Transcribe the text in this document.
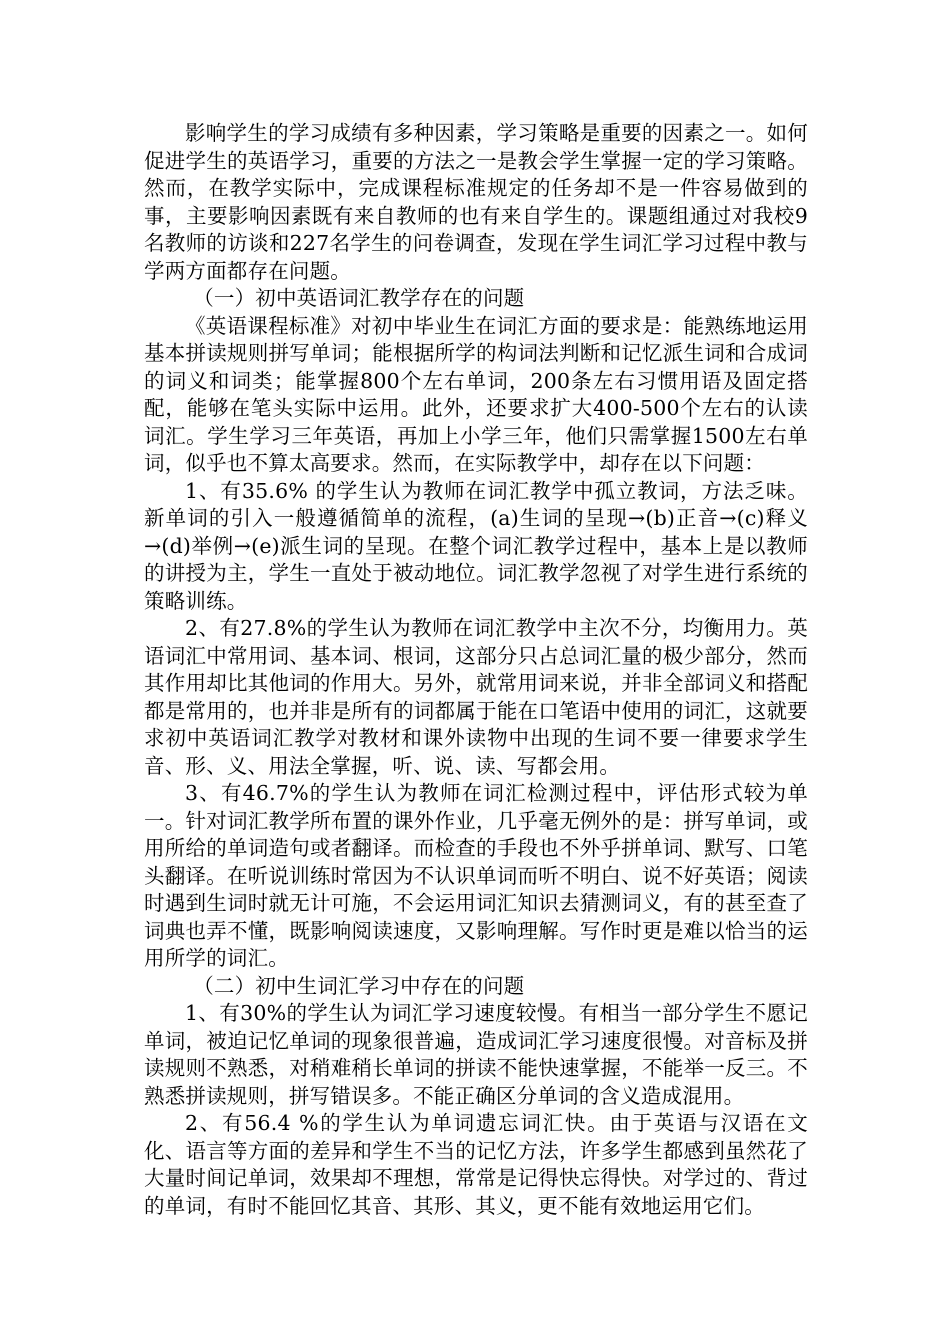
影响学生的学习成绩有多种因素，学习策略是重要的因素之一。如何促进学生的英语学习，重要的方法之一是教会学生掌握一定的学习策略。然而，在教学实际中，完成课程标准规定的任务却不是一件容易做到的事，主要影响因素既有来自教师的也有来自学生的。课题组通过对我校9名教师的访谈和227名学生的问卷调查，发现在学生词汇学习过程中教与学两方面都存在问题。

（一）初中英语词汇教学存在的问题

《英语课程标准》对初中毕业生在词汇方面的要求是：能熟练地运用基本拼读规则拼写单词；能根据所学的构词法判断和记忆派生词和合成词的词义和词类；能掌握800个左右单词，200条左右习惯用语及固定搭配，能够在笔头实际中运用。此外，还要求扩大400-500个左右的认读词汇。学生学习三年英语，再加上小学三年，他们只需掌握1500左右单词，似乎也不算太高要求。然而，在实际教学中，却存在以下问题：

1、有35.6% 的学生认为教师在词汇教学中孤立教词，方法乏味。新单词的引入一般遵循简单的流程，(a)生词的呈现→(b)正音→(c)释义→(d)举例→(e)派生词的呈现。在整个词汇教学过程中，基本上是以教师的讲授为主，学生一直处于被动地位。词汇教学忽视了对学生进行系统的策略训练。

2、有27.8%的学生认为教师在词汇教学中主次不分，均衡用力。英语词汇中常用词、基本词、根词，这部分只占总词汇量的极少部分，然而其作用却比其他词的作用大。另外，就常用词来说，并非全部词义和搭配都是常用的，也并非是所有的词都属于能在口笔语中使用的词汇，这就要求初中英语词汇教学对教材和课外读物中出现的生词不要一律要求学生音、形、义、用法全掌握，听、说、读、写都会用。

3、有46.7%的学生认为教师在词汇检测过程中，评估形式较为单一。针对词汇教学所布置的课外作业，几乎毫无例外的是：拼写单词，或用所给的单词造句或者翻译。而检查的手段也不外乎拼单词、默写、口笔头翻译。在听说训练时常因为不认识单词而听不明白、说不好英语；阅读时遇到生词时就无计可施，不会运用词汇知识去猜测词义，有的甚至查了词典也弄不懂，既影响阅读速度，又影响理解。写作时更是难以恰当的运用所学的词汇。

（二）初中生词汇学习中存在的问题

1、有30%的学生认为词汇学习速度较慢。有相当一部分学生不愿记单词，被迫记忆单词的现象很普遍，造成词汇学习速度很慢。对音标及拼读规则不熟悉，对稍难稍长单词的拼读不能快速掌握，不能举一反三。不熟悉拼读规则，拼写错误多。不能正确区分单词的含义造成混用。

2、有56.4 %的学生认为单词遗忘词汇快。由于英语与汉语在文化、语言等方面的差异和学生不当的记忆方法，许多学生都感到虽然花了大量时间记单词，效果却不理想，常常是记得快忘得快。对学过的、背过的单词，有时不能回忆其音、其形、其义，更不能有效地运用它们。
